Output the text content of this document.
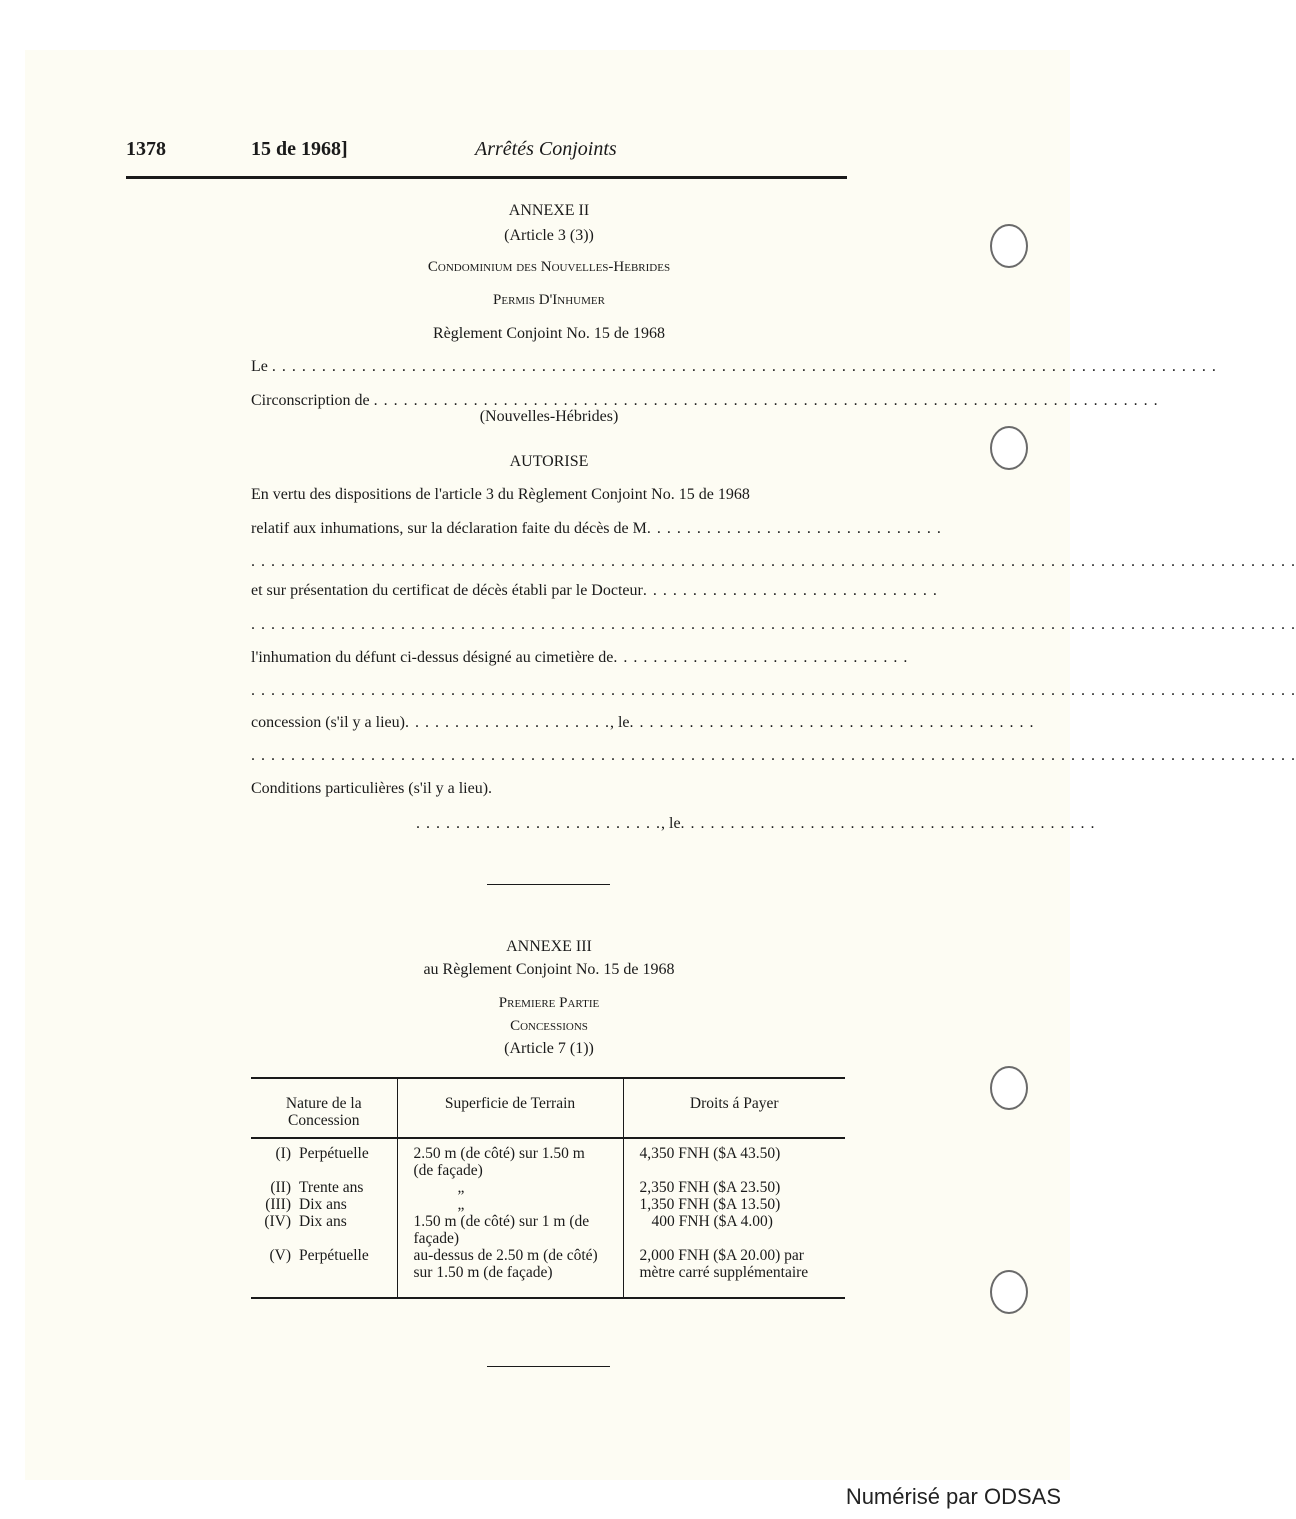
1378	15 de 1968]	Arrêtés Conjoints
ANNEXE II
(Article 3 (3))
Condominium des Nouvelles-Hebrides
Permis D'Inhumer
Règlement Conjoint No. 15 de 1968
Le . . . . . . . . . . . . . . . . . . . . . . . . . . . . . . . . . . . . . . . . . . . . . . . . . . . . . . . . . . . . . . . . . . . . . . . . . . . . . . . . . . . . . . . . . . . . . . .
Circonscription de . . . . . . . . . . . . . . . . . . . . . . . . . . . . . . . . . . . . . . . . . . . . . . . . . . . . . . . . . . . . . . . . . . . . . . . . . . . . . . .
(Nouvelles-Hébrides)
AUTORISE
En vertu des dispositions de l'article 3 du Règlement Conjoint No. 15 de 1968
relatif aux inhumations, sur la déclaration faite du décès de M. . . . . . . . . . . . . . . . . . . . . . . . . . . . . .
. . . . . . . . . . . . . . . . . . . . . . . . . . . . . . . . . . . . . . . . . . . . . . . . . . . . . . . . . . . . . . . . . . . . . . . . . . . . . . . . . . . . . . . . . . . . . . . . . . . . . . . . .
et sur présentation du certificat de décès établi par le Docteur. . . . . . . . . . . . . . . . . . . . . . . . . . . . . .
. . . . . . . . . . . . . . . . . . . . . . . . . . . . . . . . . . . . . . . . . . . . . . . . . . . . . . . . . . . . . . . . . . . . . . . . . . . . . . . . . . . . . . . . . . . . . . . . . . . . . . . . .
l'inhumation du défunt ci-dessus désigné au cimetière de. . . . . . . . . . . . . . . . . . . . . . . . . . . . . .
. . . . . . . . . . . . . . . . . . . . . . . . . . . . . . . . . . . . . . . . . . . . . . . . . . . . . . . . . . . . . . . . . . . . . . . . . . . . . . . . . . . . . . . . . . . . . . . . . . . . . . . . .
concession (s'il y a lieu). . . . . . . . . . . . . . . . . . . . ., le. . . . . . . . . . . . . . . . . . . . . . . . . . . . . . . . . . . . . . . . .
. . . . . . . . . . . . . . . . . . . . . . . . . . . . . . . . . . . . . . . . . . . . . . . . . . . . . . . . . . . . . . . . . . . . . . . . . . . . . . . . . . . . . . . . . . . . . . . . . . . . . . . . .
Conditions particulières (s'il y a lieu).
. . . . . . . . . . . . . . . . . . . . . . . . ., le. . . . . . . . . . . . . . . . . . . . . . . . . . . . . . . . . . . . . . . . . .
ANNEXE III
au Règlement Conjoint No. 15 de 1968
Premiere Partie
Concessions
(Article 7 (1))
Nature de la Concession	Superficie de Terrain	Droits á Payer
(I) Perpétuelle	2.50 m (de côté) sur 1.50 m (de façade)	4,350 FNH ($A 43.50)
(II) Trente ans	„	2,350 FNH ($A 23.50)
(III) Dix ans	„	1,350 FNH ($A 13.50)
(IV) Dix ans	1.50 m (de côté) sur 1 m (de façade)	400 FNH ($A 4.00)
(V) Perpétuelle	au-dessus de 2.50 m (de côté) sur 1.50 m (de façade)	2,000 FNH ($A 20.00) par mètre carré supplémentaire
Numérisé par ODSAS
